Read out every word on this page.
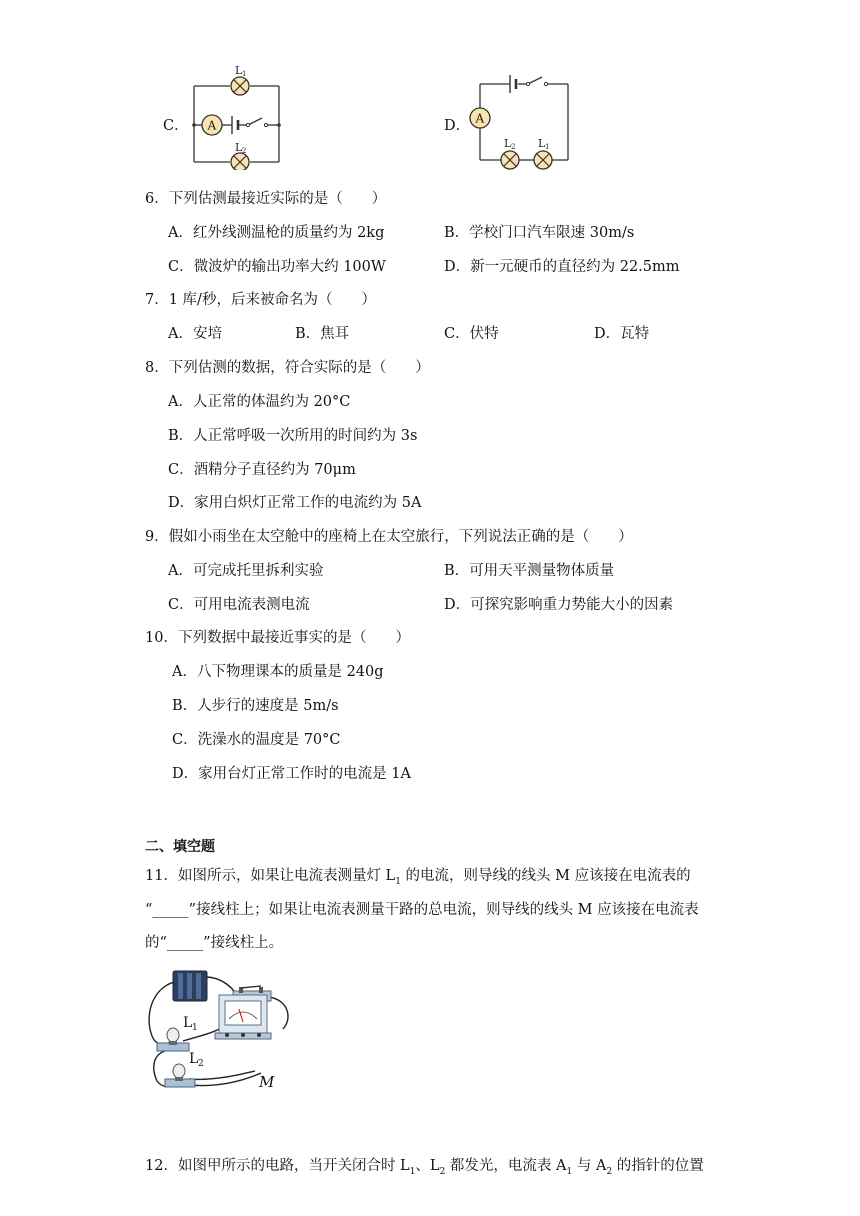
C．
L 1
A
L 2
D． A
L 2 L 1
6．下列估测最接近实际的是（　　）
A．红外线测温枪的质量约为 2kg	B．学校门口汽车限速 30m/s
C．微波炉的输出功率大约 100W	D．新一元硬币的直径约为 22.5mm
7．1 库/秒，后来被命名为（　　）
A．安培	B．焦耳	C．伏特	D．瓦特
8．下列估测的数据，符合实际的是（　　）
A．人正常的体温约为 20°C
B．人正常呼吸一次所用的时间约为 3s
C．酒精分子直径约为 70μm
D．家用白炽灯正常工作的电流约为 5A
9．假如小雨坐在太空舱中的座椅上在太空旅行，下列说法正确的是（　　）
A．可完成托里拆利实验	B．可用天平测量物体质量
C．可用电流表测电流	D．可探究影响重力势能大小的因素
10．下列数据中最接近事实的是（　　）
A．八下物理课本的质量是 240g
B．人步行的速度是 5m/s
C．洗澡水的温度是 70°C
D．家用台灯正常工作时的电流是 1A
二、填空题
11．如图所示，如果让电流表测量灯 $L_1$ 的电流，则导线的线头 M 应该接在电流表的
“_____”接线柱上；如果让电流表测量干路的总电流，则导线的线头 M 应该接在电流表
的“_____”接线柱上。
L 1
L 2
M
12．如图甲所示的电路，当开关闭合时 $L_1$、$L_2$ 都发光，电流表 $A_1$ 与 $A_2$ 的指针的位置
